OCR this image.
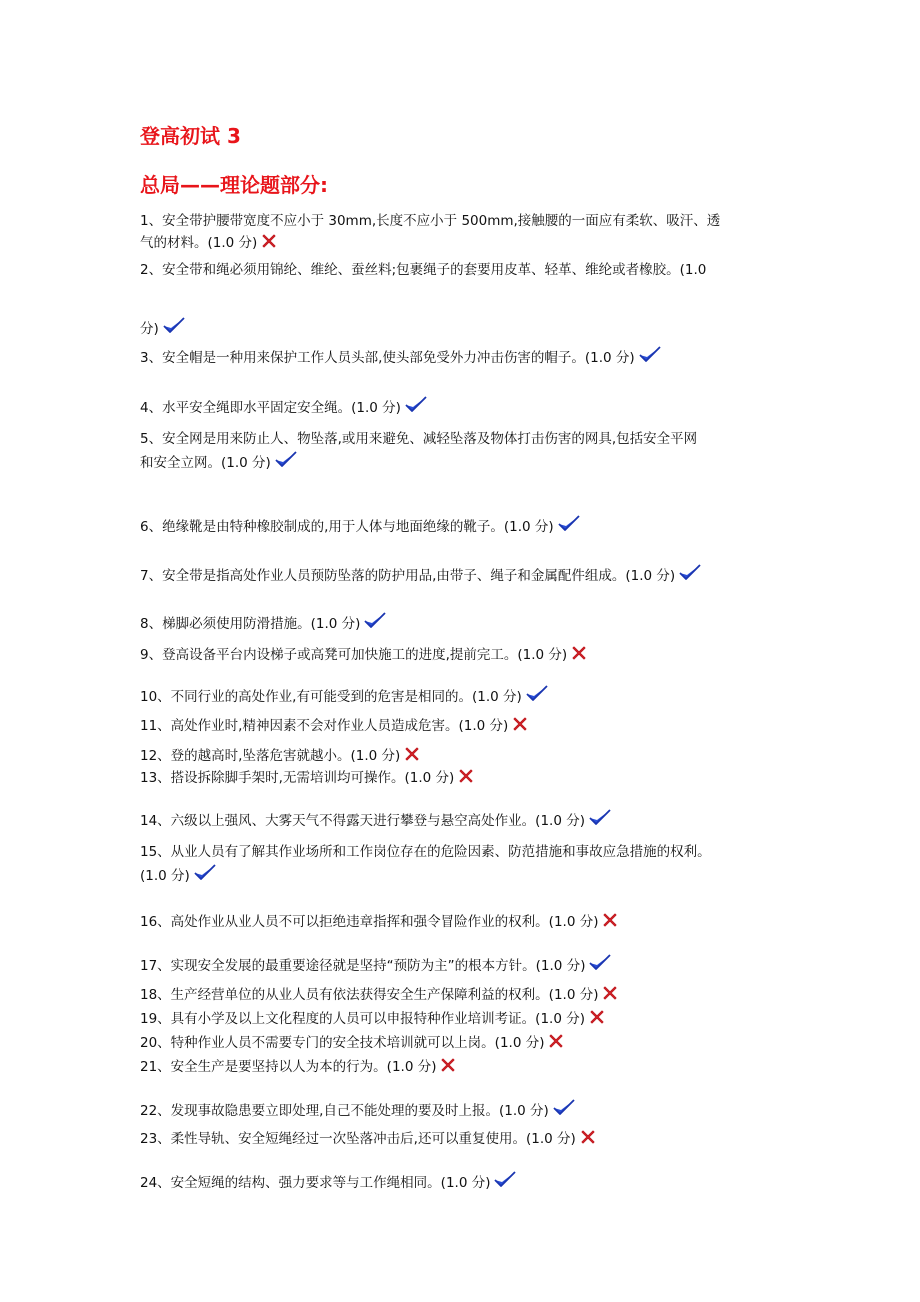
登高初试 3
总局——理论题部分:
1、安全带护腰带宽度不应小于 30mm,长度不应小于 500mm,接触腰的一面应有柔软、吸汗、透
气的材料。(1.0 分)
2、安全带和绳必须用锦纶、维纶、蚕丝料;包裹绳子的套要用皮革、轻革、维纶或者橡胶。(1.0
分)
3、安全帽是一种用来保护工作人员头部,使头部免受外力冲击伤害的帽子。(1.0 分)
4、水平安全绳即水平固定安全绳。(1.0 分)
5、安全网是用来防止人、物坠落,或用来避免、减轻坠落及物体打击伤害的网具,包括安全平网
和安全立网。(1.0 分)
6、绝缘靴是由特种橡胶制成的,用于人体与地面绝缘的靴子。(1.0 分)
7、安全带是指高处作业人员预防坠落的防护用品,由带子、绳子和金属配件组成。(1.0 分)
8、梯脚必须使用防滑措施。(1.0 分)
9、登高设备平台内设梯子或高凳可加快施工的进度,提前完工。(1.0 分)
10、不同行业的高处作业,有可能受到的危害是相同的。(1.0 分)
11、高处作业时,精神因素不会对作业人员造成危害。(1.0 分)
12、登的越高时,坠落危害就越小。(1.0 分)
13、搭设拆除脚手架时,无需培训均可操作。(1.0 分)
14、六级以上强风、大雾天气不得露天进行攀登与悬空高处作业。(1.0 分)
15、从业人员有了解其作业场所和工作岗位存在的危险因素、防范措施和事故应急措施的权利。
(1.0 分)
16、高处作业从业人员不可以拒绝违章指挥和强令冒险作业的权利。(1.0 分)
17、实现安全发展的最重要途径就是坚持“预防为主”的根本方针。(1.0 分)
18、生产经营单位的从业人员有依法获得安全生产保障利益的权利。(1.0 分)
19、具有小学及以上文化程度的人员可以申报特种作业培训考证。(1.0 分)
20、特种作业人员不需要专门的安全技术培训就可以上岗。(1.0 分)
21、安全生产是要坚持以人为本的行为。(1.0 分)
22、发现事故隐患要立即处理,自己不能处理的要及时上报。(1.0 分)
23、柔性导轨、安全短绳经过一次坠落冲击后,还可以重复使用。(1.0 分)
24、安全短绳的结构、强力要求等与工作绳相同。(1.0 分)
